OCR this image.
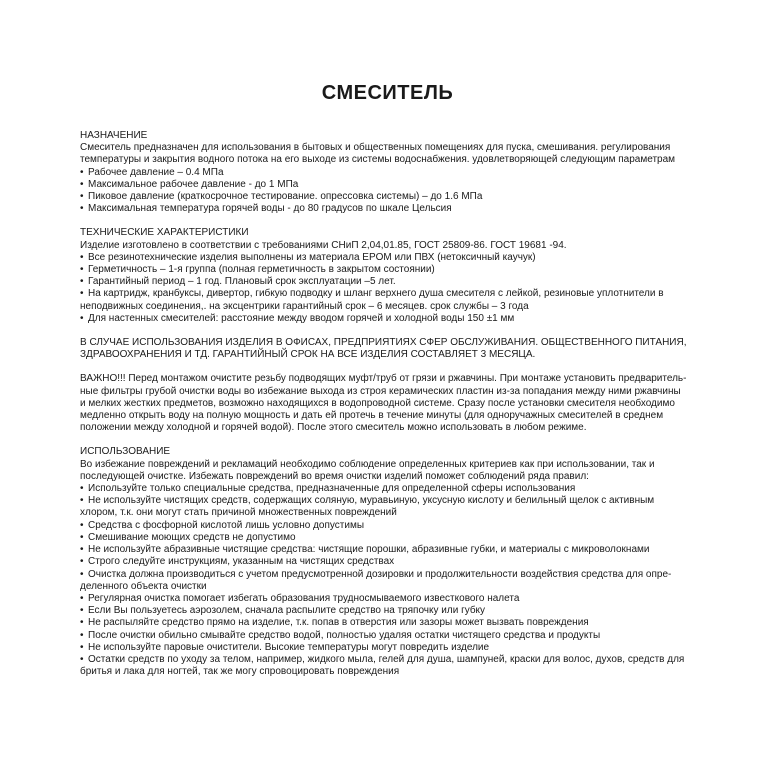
СМЕСИТЕЛЬ
НАЗНАЧЕНИЕ
Смеситель предназначен для использования в бытовых и общественных помещениях для пуска, смешивания. регулирования
температуры и закрытия водного потока на его выходе из системы водоснабжения. удовлетворяющей следующим параметрам
• Рабочее давление – 0.4 МПа
• Максимальное рабочее давление - до 1 МПа
• Пиковое давление (краткосрочное тестирование. опрессовка системы) – до 1.6 МПа
• Максимальная температура горячей воды - до 80 градусов по шкале Цельсия
ТЕХНИЧЕСКИЕ ХАРАКТЕРИСТИКИ
Изделие изготовлено в соответствии с требованиями СНиП 2,04,01.85, ГОСТ 25809-86. ГОСТ 19681 -94.
• Все резинотехнические изделия выполнены из материала EPOM или ПВХ (нетоксичный каучук)
• Герметичность – 1-я группа (полная герметичность в закрытом состоянии)
• Гарантийный период – 1 год. Плановый срок эксплуатации –5 лет.
• На картридж, кранбуксы, дивертор, гибкую подводку и шланг верхнего душа смесителя с лейкой, резиновые уплотнители в
неподвижных соединения,. на эксцентрики гарантийный срок – 6 месяцев. срок службы – 3 года
• Для настенных смесителей: расстояние между вводом горячей и холодной воды 150 ±1 мм
В СЛУЧАЕ ИСПОЛЬЗОВАНИЯ ИЗДЕЛИЯ В ОФИСАХ, ПРЕДПРИЯТИЯХ СФЕР ОБСЛУЖИВАНИЯ. ОБЩЕСТВЕННОГО ПИТАНИЯ,
ЗДРАВООХРАНЕНИЯ И ТД. ГАРАНТИЙНЫЙ СРОК НА ВСЕ ИЗДЕЛИЯ СОСТАВЛЯЕТ 3 МЕСЯЦА.
ВАЖНО!!! Перед монтажом очистите резьбу подводящих муфт/труб от грязи и ржавчины. При монтаже установить предваритель-
ные фильтры грубой очистки воды во избежание выхода из строя керамических пластин из-за попадания между ними ржавчины
и мелких жестких предметов, возможно находящихся в водопроводной системе. Сразу после установки смесителя необходимо
медленно открыть воду на полную мощность и дать ей протечь в течение минуты (для одноручажных смесителей в среднем
положении между холодной и горячей водой). После этого смеситель можно использовать в любом режиме.
ИСПОЛЬЗОВАНИЕ
Во избежание повреждений и рекламаций необходимо соблюдение определенных критериев как при использовании, так и
последующей очистке. Избежать повреждений во время очистки изделий поможет соблюдений ряда правил:
• Используйте только специальные средства, предназначенные для определенной сферы использования
• Не используйте чистящих средств, содержащих соляную, муравьиную, уксусную кислоту и белильный щелок с активным
хлором, т.к. они могут стать причиной множественных повреждений
• Средства с фосфорной кислотой лишь условно допустимы
• Смешивание моющих средств не допустимо
• Не используйте абразивные чистящие средства: чистящие порошки, абразивные губки, и материалы с микроволокнами
• Строго следуйте инструкциям, указанным на чистящих средствах
• Очистка должна производиться с учетом предусмотренной дозировки и продолжительности воздействия средства для опре-
деленного объекта очистки
• Регулярная очистка помогает избегать образования трудносмываемого известкового налета
• Если Вы пользуетесь аэрозолем, сначала распылите средство на тряпочку или губку
• Не распыляйте средство прямо на изделие, т.к. попав в отверстия или зазоры может вызвать повреждения
• После очистки обильно смывайте средство водой, полностью удаляя остатки чистящего средства и продукты
• Не используйте паровые очистители. Высокие температуры могут повредить изделие
• Остатки средств по уходу за телом, например, жидкого мыла, гелей для душа, шампуней, краски для волос, духов, средств для
бритья и лака для ногтей, так же могу спровоцировать повреждения
